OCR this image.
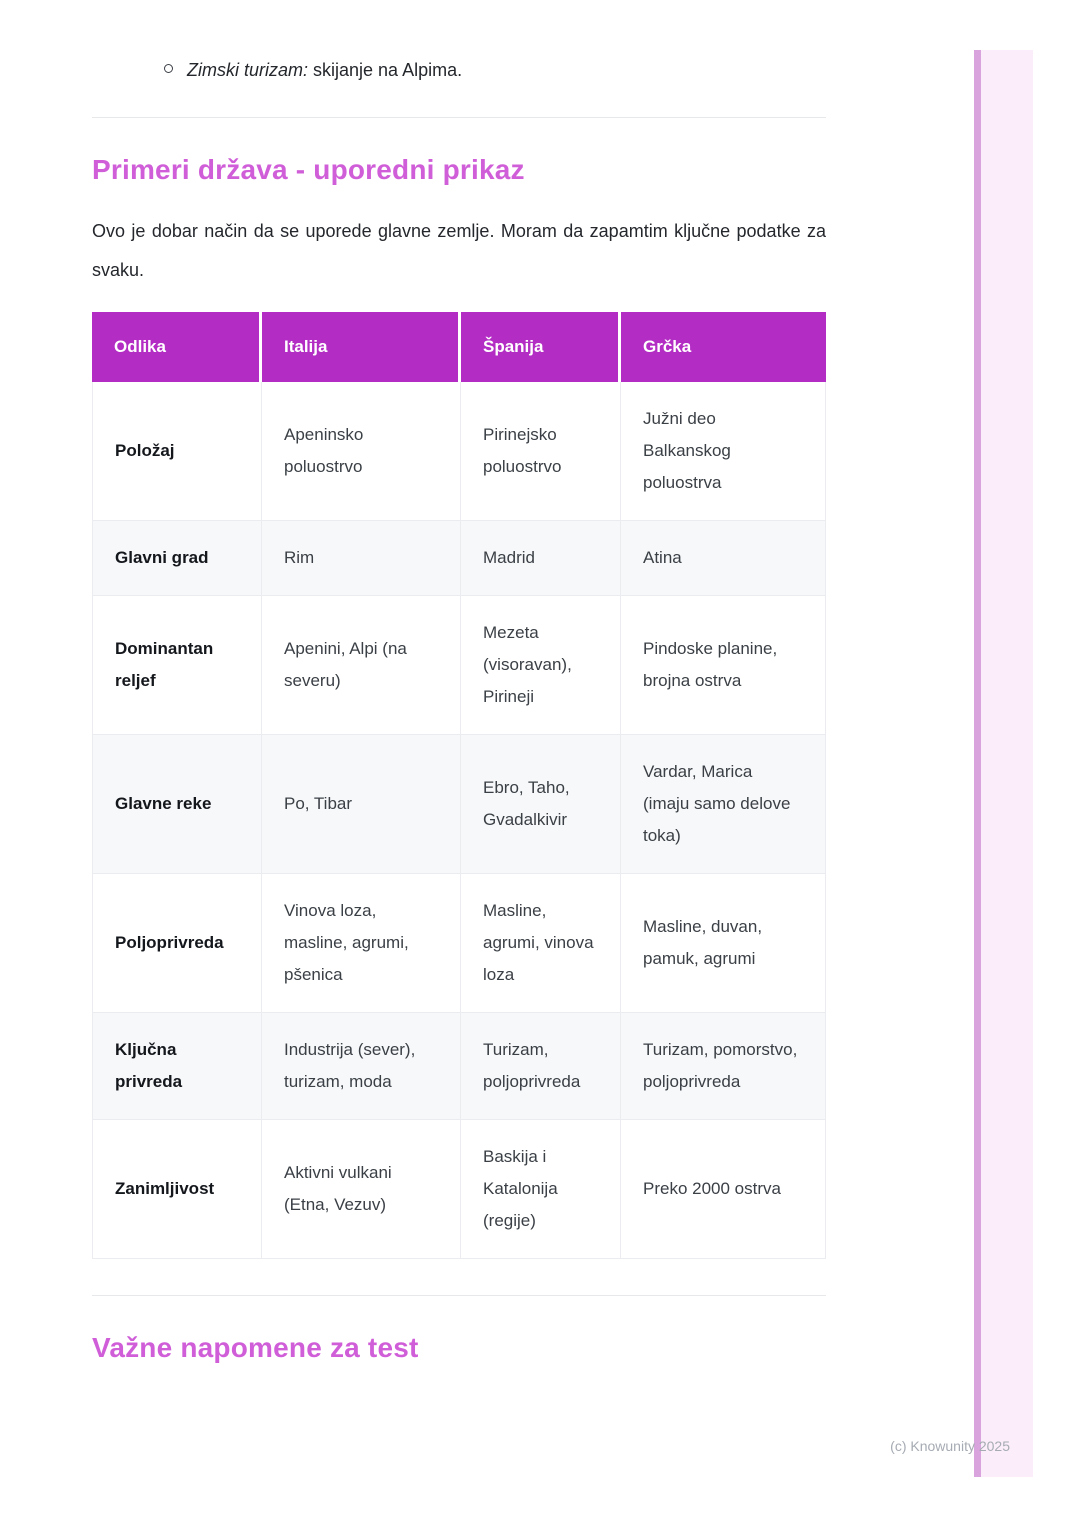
Zimski turizam: skijanje na Alpima.
Primeri država - uporedni prikaz

Ovo je dobar način da se uporede glavne zemlje. Moram da zapamtim ključne podatke za svaku.

Odlika	Italija	Španija	Grčka
Položaj	Apeninsko poluostrvo	Pirinejsko poluostrvo	Južni deo Balkanskog poluostrva
Glavni grad	Rim	Madrid	Atina
Dominantan reljef	Apenini, Alpi (na severu)	Mezeta (visoravan), Pirineji	Pindoske planine, brojna ostrva
Glavne reke	Po, Tibar	Ebro, Taho, Gvadalkivir	Vardar, Marica (imaju samo delove toka)
Poljoprivreda	Vinova loza, masline, agrumi, pšenica	Masline, agrumi, vinova loza	Masline, duvan, pamuk, agrumi
Ključna privreda	Industrija (sever), turizam, moda	Turizam, poljoprivreda	Turizam, pomorstvo, poljoprivreda
Zanimljivost	Aktivni vulkani (Etna, Vezuv)	Baskija i Katalonija (regije)	Preko 2000 ostrva
Važne napomene za test
(c) Knowunity 2025
